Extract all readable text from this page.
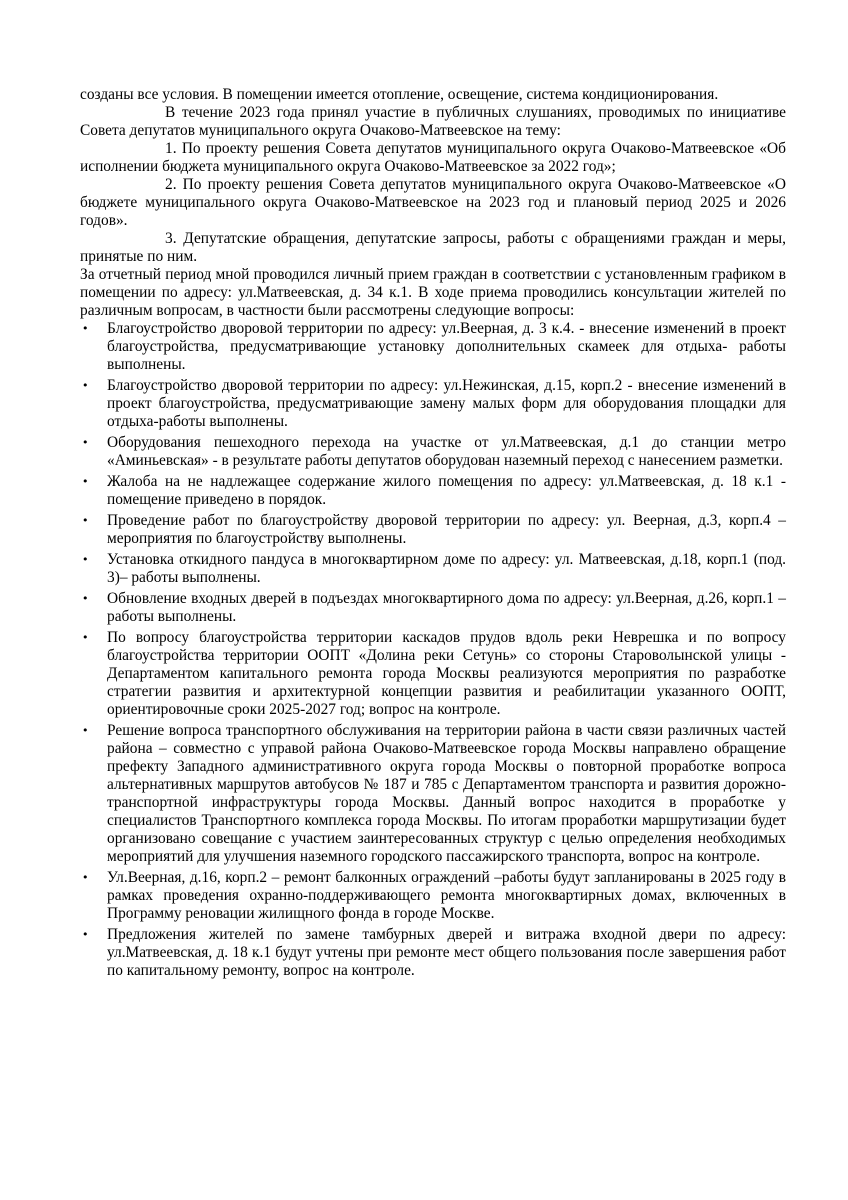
созданы все условия. В помещении имеется отопление, освещение, система кондиционирования.

В течение 2023 года принял участие в публичных слушаниях, проводимых по инициативе Совета депутатов муниципального округа Очаково-Матвеевское на тему:

1. По проекту решения Совета депутатов муниципального округа Очаково-Матвеевское «Об исполнении бюджета муниципального округа Очаково-Матвеевское за 2022 год»;

2. По проекту решения Совета депутатов муниципального округа Очаково-Матвеевское «О бюджете муниципального округа Очаково-Матвеевское на 2023 год и плановый период 2025 и 2026 годов».

3. Депутатские обращения, депутатские запросы, работы с обращениями граждан и меры, принятые по ним.

За отчетный период мной проводился личный прием граждан в соответствии с установленным графиком в помещении по адресу: ул.Матвеевская, д. 34 к.1. В ходе приема проводились консультации жителей по различным вопросам, в частности были рассмотрены следующие вопросы:

• Благоустройство дворовой территории по адресу: ул.Веерная, д. 3 к.4. - внесение изменений в проект благоустройства, предусматривающие установку дополнительных скамеек для отдыха- работы выполнены.
• Благоустройство дворовой территории по адресу: ул.Нежинская, д.15, корп.2 - внесение изменений в проект благоустройства, предусматривающие замену малых форм для оборудования площадки для отдыха-работы выполнены.
• Оборудования пешеходного перехода на участке от ул.Матвеевская, д.1 до станции метро «Аминьевская» - в результате работы депутатов оборудован наземный переход с нанесением разметки.
• Жалоба на не надлежащее содержание жилого помещения по адресу: ул.Матвеевская, д. 18 к.1 - помещение приведено в порядок.
• Проведение работ по благоустройству дворовой территории по адресу: ул. Веерная, д.3, корп.4 – мероприятия по благоустройству выполнены.
• Установка откидного пандуса в многоквартирном доме по адресу: ул. Матвеевская, д.18, корп.1 (под. 3)– работы выполнены.
• Обновление входных дверей в подъездах многоквартирного дома по адресу: ул.Веерная, д.26, корп.1 – работы выполнены.
• По вопросу благоустройства территории каскадов прудов вдоль реки Неврешка и по вопросу благоустройства территории ООПТ «Долина реки Сетунь» со стороны Староволынской улицы - Департаментом капитального ремонта города Москвы реализуются мероприятия по разработке стратегии развития и архитектурной концепции развития и реабилитации указанного ООПТ, ориентировочные сроки 2025-2027 год; вопрос на контроле.
• Решение вопроса транспортного обслуживания на территории района в части связи различных частей района – совместно с управой района Очаково-Матвеевское города Москвы направлено обращение префекту Западного административного округа города Москвы о повторной проработке вопроса альтернативных маршрутов автобусов № 187 и 785 с Департаментом транспорта и развития дорожно-транспортной инфраструктуры города Москвы. Данный вопрос находится в проработке у специалистов Транспортного комплекса города Москвы. По итогам проработки маршрутизации будет организовано совещание с участием заинтересованных структур с целью определения необходимых мероприятий для улучшения наземного городского пассажирского транспорта, вопрос на контроле.
• Ул.Веерная, д.16, корп.2 – ремонт балконных ограждений –работы будут запланированы в 2025 году в рамках проведения охранно-поддерживающего ремонта многоквартирных домах, включенных в Программу реновации жилищного фонда в городе Москве.
• Предложения жителей по замене тамбурных дверей и витража входной двери по адресу: ул.Матвеевская, д. 18 к.1 будут учтены при ремонте мест общего пользования после завершения работ по капитальному ремонту, вопрос на контроле.
